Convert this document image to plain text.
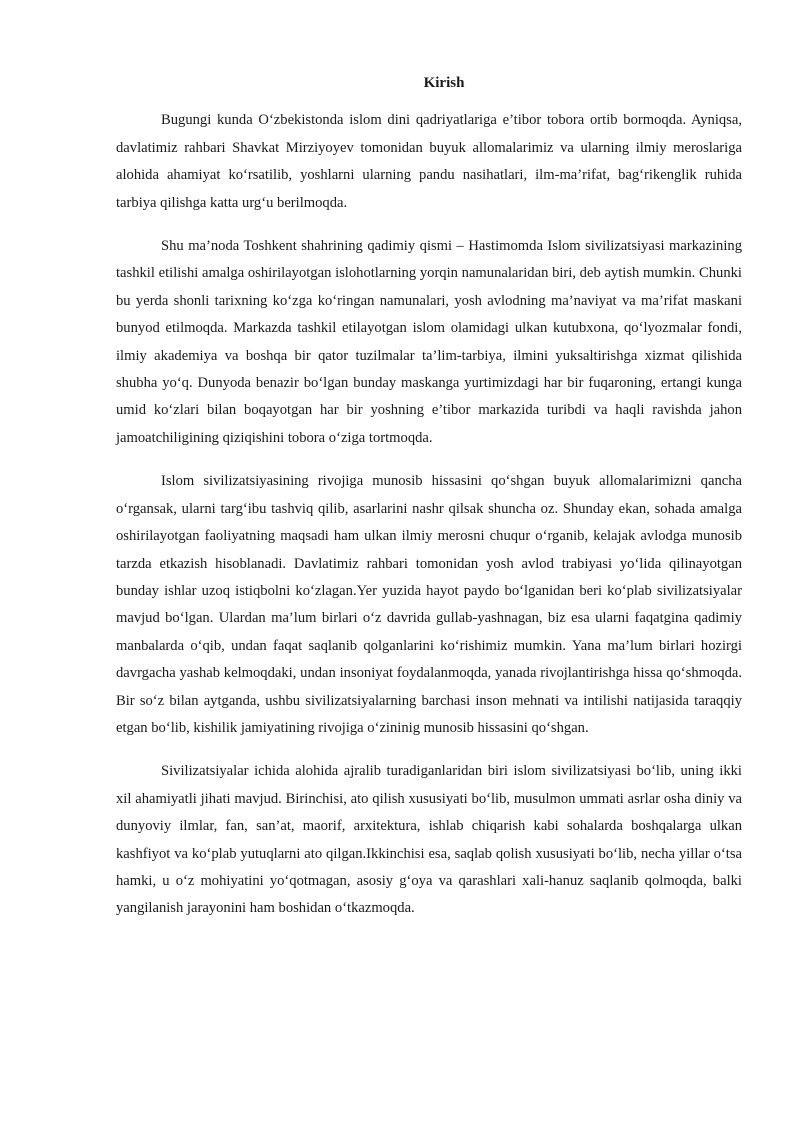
Kirish

Bugungi kunda O‘zbekistonda islom dini qadriyatlariga e’tibor tobora ortib bormoqda. Ayniqsa, davlatimiz rahbari Shavkat Mirziyoyev tomonidan buyuk allomalarimiz va ularning ilmiy meroslariga alohida ahamiyat ko‘rsatilib, yoshlarni ularning pandu nasihatlari, ilm-ma’rifat, bag‘rikenglik ruhida tarbiya qilishga katta urg‘u berilmoqda.

Shu ma’noda Toshkent shahrining qadimiy qismi – Hastimomda Islom sivilizatsiyasi markazining tashkil etilishi amalga oshirilayotgan islohotlarning yorqin namunalaridan biri, deb aytish mumkin. Chunki bu yerda shonli tarixning ko‘zga ko‘ringan namunalari, yosh avlodning ma’naviyat va ma’rifat maskani bunyod etilmoqda. Markazda tashkil etilayotgan islom olamidagi ulkan kutubxona, qo‘lyozmalar fondi, ilmiy akademiya va boshqa bir qator tuzilmalar ta’lim-tarbiya, ilmini yuksaltirishga xizmat qilishida shubha yo‘q. Dunyoda benazir bo‘lgan bunday maskanga yurtimizdagi har bir fuqaroning, ertangi kunga umid ko‘zlari bilan boqayotgan har bir yoshning e’tibor markazida turibdi va haqli ravishda jahon jamoatchiligining qiziqishini tobora o‘ziga tortmoqda.

Islom sivilizatsiyasining rivojiga munosib hissasini qo‘shgan buyuk allomalarimizni qancha o‘rgansak, ularni targ‘ibu tashviq qilib, asarlarini nashr qilsak shuncha oz. Shunday ekan, sohada amalga oshirilayotgan faoliyatning maqsadi ham ulkan ilmiy merosni chuqur o‘rganib, kelajak avlodga munosib tarzda etkazish hisoblanadi. Davlatimiz rahbari tomonidan yosh avlod trabiyasi yo‘lida qilinayotgan bunday ishlar uzoq istiqbolni ko‘zlagan.Yer yuzida hayot paydo bo‘lganidan beri ko‘plab sivilizatsiyalar mavjud bo‘lgan. Ulardan ma’lum birlari o‘z davrida gullab-yashnagan, biz esa ularni faqatgina qadimiy manbalarda o‘qib, undan faqat saqlanib qolganlarini ko‘rishimiz mumkin. Yana ma’lum birlari hozirgi davrgacha yashab kelmoqdaki, undan insoniyat foydalanmoqda, yanada rivojlantirishga hissa qo‘shmoqda. Bir so‘z bilan aytganda, ushbu sivilizatsiyalarning barchasi inson mehnati va intilishi natijasida taraqqiy etgan bo‘lib, kishilik jamiyatining rivojiga o‘zininig munosib hissasini qo‘shgan.

Sivilizatsiyalar ichida alohida ajralib turadiganlaridan biri islom sivilizatsiyasi bo‘lib, uning ikki xil ahamiyatli jihati mavjud. Birinchisi, ato qilish xususiyati bo‘lib, musulmon ummati asrlar osha diniy va dunyoviy ilmlar, fan, san’at, maorif, arxitektura, ishlab chiqarish kabi sohalarda boshqalarga ulkan kashfiyot va ko‘plab yutuqlarni ato qilgan.Ikkinchisi esa, saqlab qolish xususiyati bo‘lib, necha yillar o‘tsa hamki, u o‘z mohiyatini yo‘qotmagan, asosiy g‘oya va qarashlari xali-hanuz saqlanib qolmoqda, balki yangilanish jarayonini ham boshidan o‘tkazmoqda.
